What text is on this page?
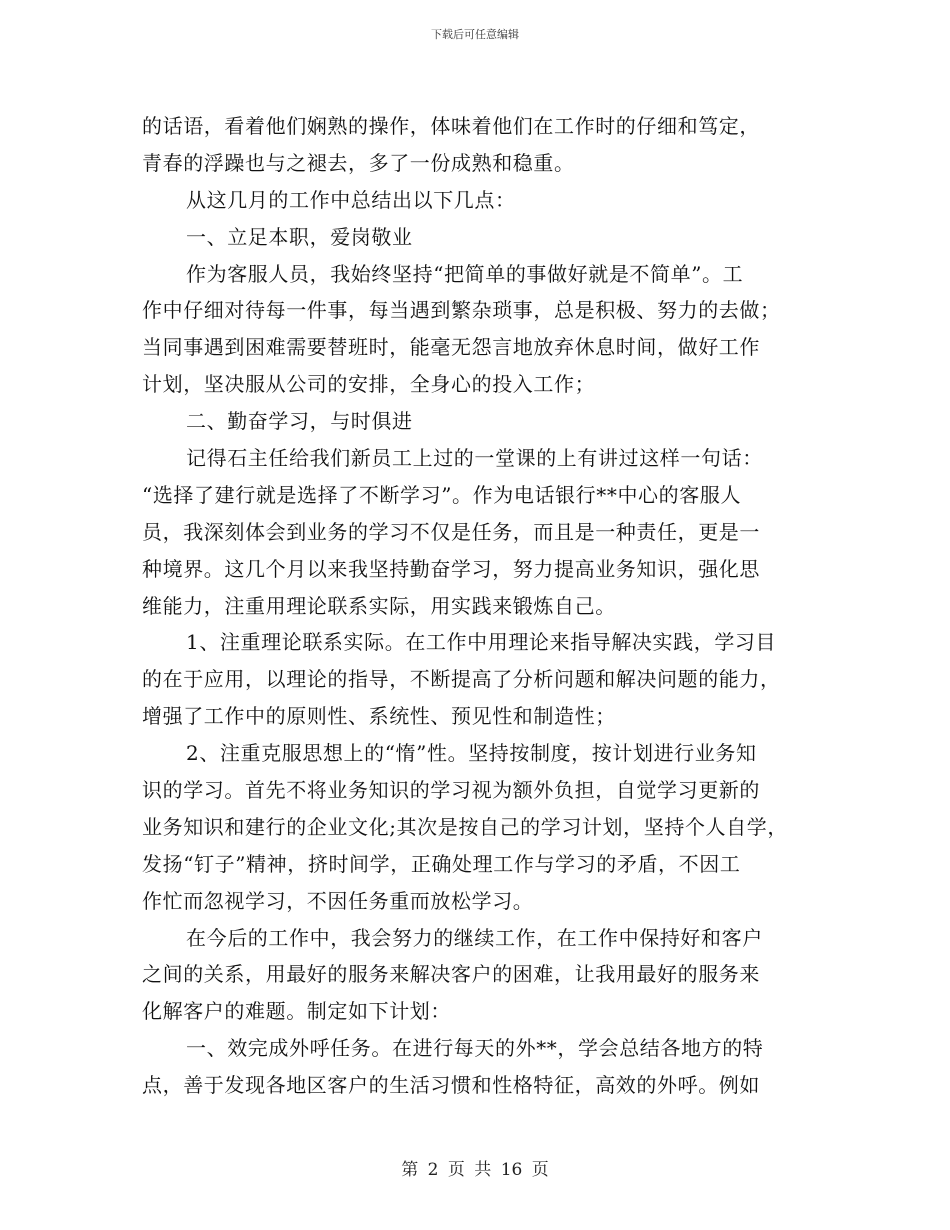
下载后可任意编辑
的话语，看着他们娴熟的操作，体味着他们在工作时的仔细和笃定，
青春的浮躁也与之褪去，多了一份成熟和稳重。
从这几月的工作中总结出以下几点：
一、立足本职，爱岗敬业
作为客服人员，我始终坚持“把简单的事做好就是不简单”。工
作中仔细对待每一件事，每当遇到繁杂琐事，总是积极、努力的去做；
当同事遇到困难需要替班时，能毫无怨言地放弃休息时间，做好工作
计划，坚决服从公司的安排，全身心的投入工作；
二、勤奋学习，与时俱进
记得石主任给我们新员工上过的一堂课的上有讲过这样一句话：
“选择了建行就是选择了不断学习”。作为电话银行**中心的客服人
员，我深刻体会到业务的学习不仅是任务，而且是一种责任，更是一
种境界。这几个月以来我坚持勤奋学习，努力提高业务知识，强化思
维能力，注重用理论联系实际，用实践来锻炼自己。
1、注重理论联系实际。在工作中用理论来指导解决实践，学习目
的在于应用，以理论的指导，不断提高了分析问题和解决问题的能力，
增强了工作中的原则性、系统性、预见性和制造性；
2、注重克服思想上的“惰”性。坚持按制度，按计划进行业务知
识的学习。首先不将业务知识的学习视为额外负担，自觉学习更新的
业务知识和建行的企业文化;其次是按自己的学习计划，坚持个人自学，
发扬“钉子”精神，挤时间学，正确处理工作与学习的矛盾，不因工
作忙而忽视学习，不因任务重而放松学习。
在今后的工作中，我会努力的继续工作，在工作中保持好和客户
之间的关系，用最好的服务来解决客户的困难，让我用最好的服务来
化解客户的难题。制定如下计划：
一、效完成外呼任务。在进行每天的外**，学会总结各地方的特
点，善于发现各地区客户的生活习惯和性格特征，高效的外呼。例如
第 2 页 共 16 页
